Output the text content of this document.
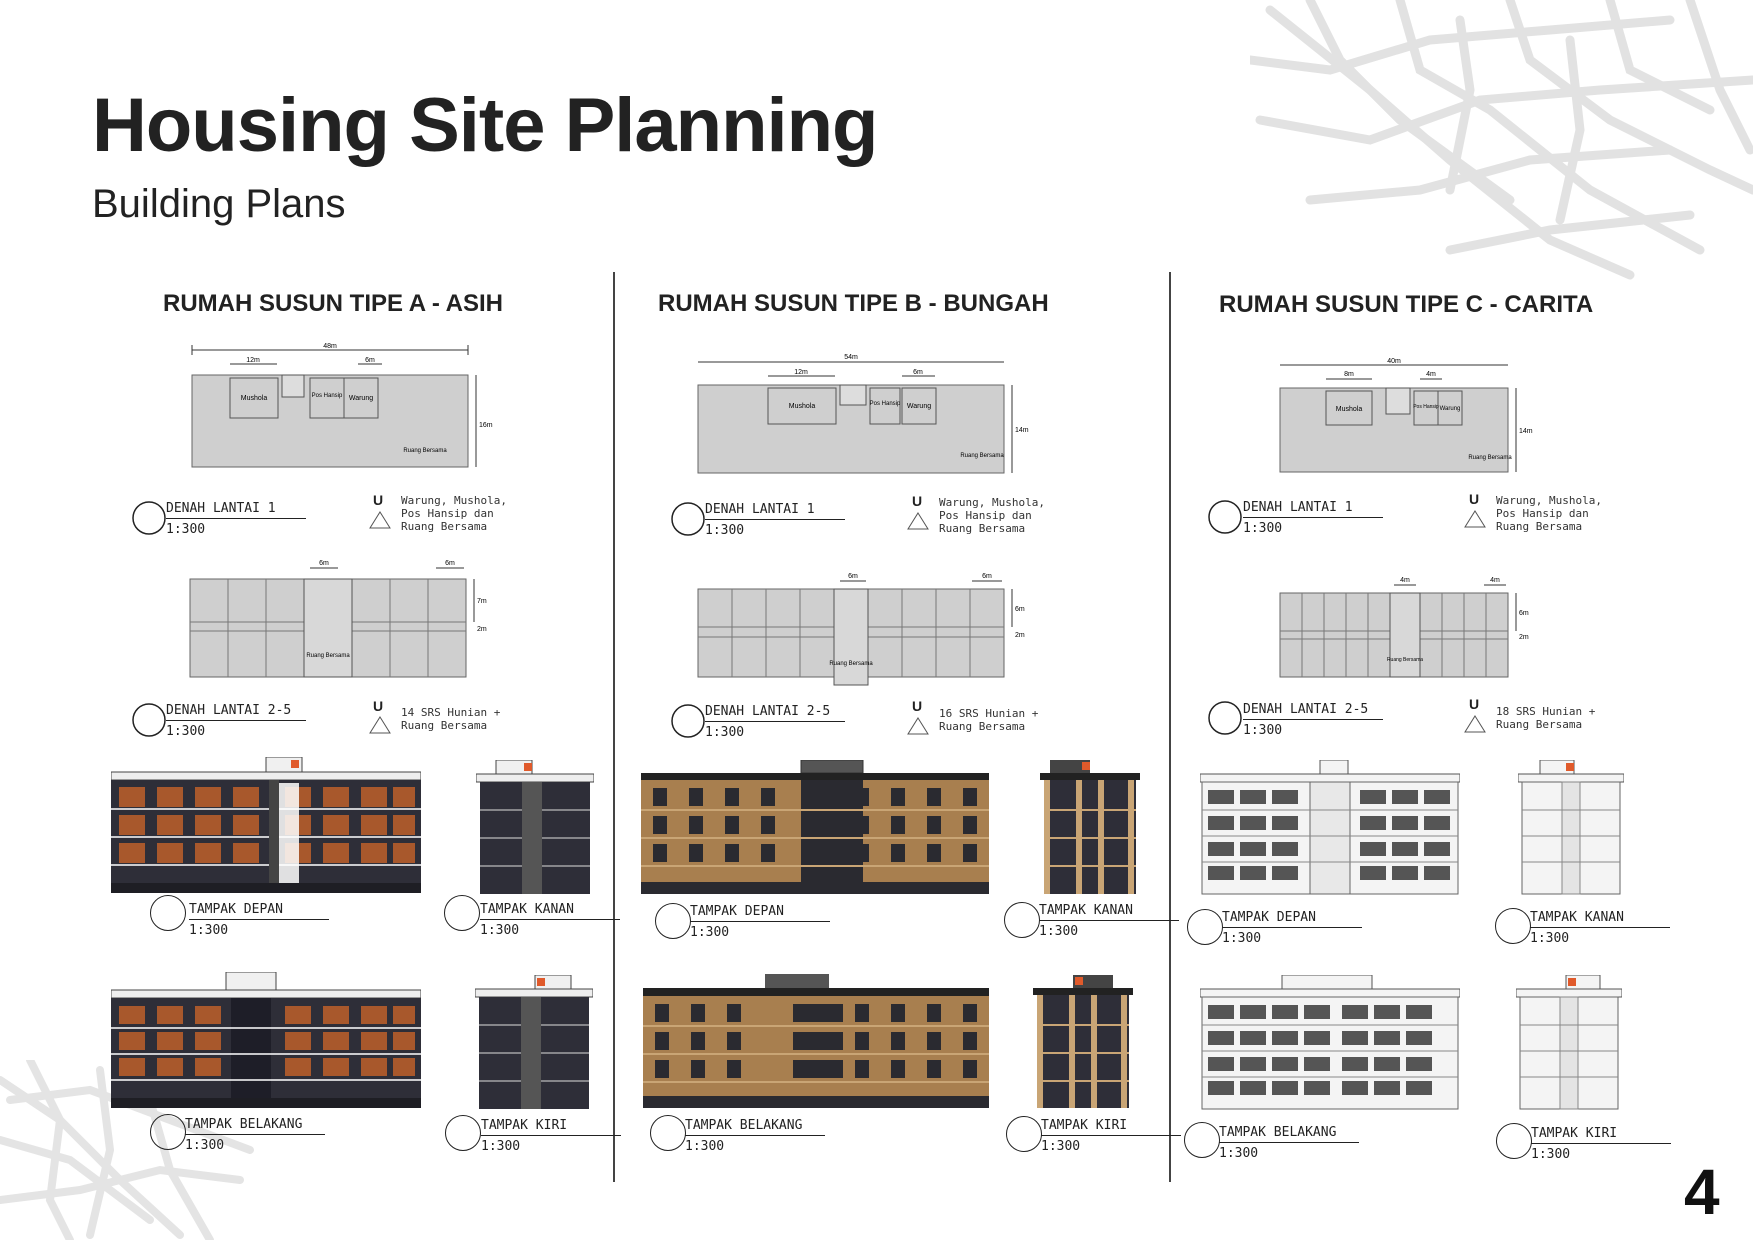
Housing Site Planning
Building Plans
RUMAH SUSUN TIPE A - ASIH	RUMAH SUSUN TIPE B - BUNGAH	RUMAH SUSUN TIPE C - CARITA
48m
12m	6m
16m
Mushola	Pos Hansip Warung
Ruang Bersama
DENAH LANTAI 1
1:300
U Warung, Mushola, Pos Hansip dan Ruang Bersama
6m	6m
7m
2m
Ruang Bersama
DENAH LANTAI 2-5
1:300
U 14 SRS Hunian + Ruang Bersama
TAMPAK DEPAN
1:300
TAMPAK KANAN
1:300
TAMPAK BELAKANG
1:300
TAMPAK KIRI
1:300
54m
12m	6m
14m
Mushola	Pos Hansip Warung
Ruang Bersama
DENAH LANTAI 1
1:300
U Warung, Mushola, Pos Hansip dan Ruang Bersama
6m	6m
6m
2m
Ruang Bersama
DENAH LANTAI 2-5
1:300
U 16 SRS Hunian + Ruang Bersama
TAMPAK DEPAN
1:300
TAMPAK KANAN
1:300
TAMPAK BELAKANG
1:300
TAMPAK KIRI
1:300
40m
8m	4m
14m
Mushola	Pos Hansip Warung
Ruang Bersama
DENAH LANTAI 1
1:300
U Warung, Mushola, Pos Hansip dan Ruang Bersama
4m	4m
6m
2m
Ruang Bersama
DENAH LANTAI 2-5
1:300
U 18 SRS Hunian + Ruang Bersama
TAMPAK DEPAN
1:300
TAMPAK KANAN
1:300
TAMPAK BELAKANG
1:300
TAMPAK KIRI
1:300
4
